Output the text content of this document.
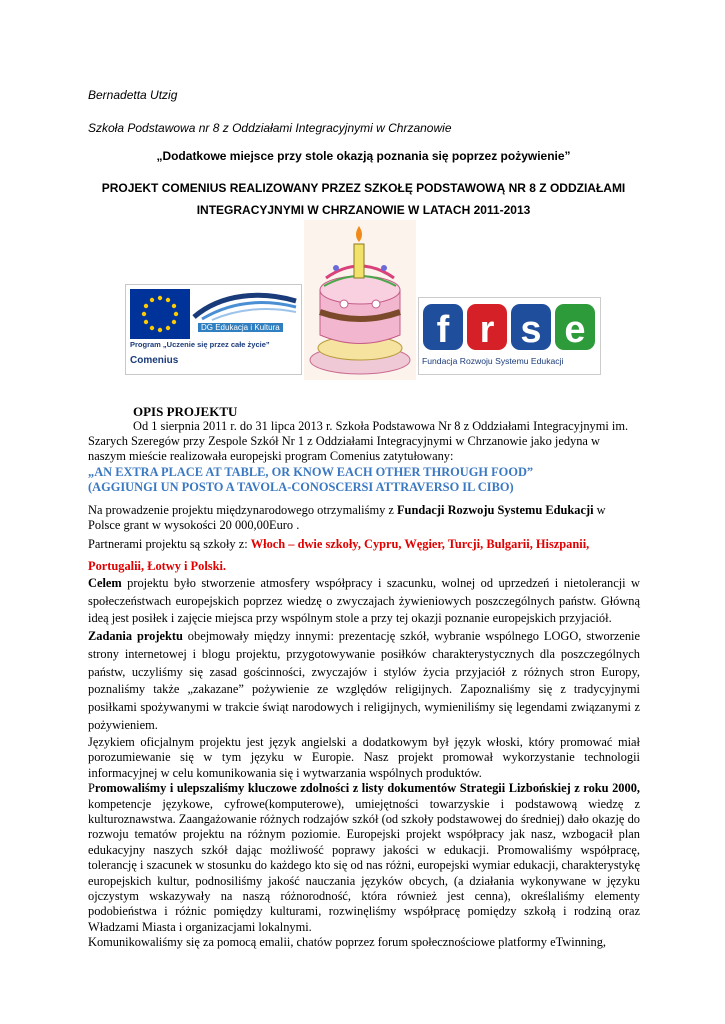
Bernadetta Utzig
Szkoła Podstawowa nr 8 z Oddziałami Integracyjnymi w Chrzanowie
„Dodatkowe miejsce przy stole okazją poznania się poprzez pożywienie”
PROJEKT COMENIUS REALIZOWANY PRZEZ SZKOŁĘ PODSTAWOWĄ NR 8 Z ODDZIAŁAMI INTEGRACYJNYMI W CHRZANOWIE W LATACH 2011-2013
DG Edukacja i Kultura
Program „Uczenie się przez całe życie”
Comenius
f r s e
Fundacja Rozwoju Systemu Edukacji
OPIS PROJEKTU

Od 1 sierpnia 2011 r. do 31 lipca 2013 r. Szkoła Podstawowa Nr 8 z Oddziałami Integracyjnymi im. Szarych Szeregów przy Zespole Szkół Nr 1 z Oddziałami Integracyjnymi w Chrzanowie jako jedyna w naszym mieście realizowała europejski program Comenius zatytułowany:

„AN EXTRA PLACE AT TABLE, OR KNOW EACH OTHER THROUGH FOOD”

(AGGIUNGI UN POSTO A TAVOLA-CONOSCERSI ATTRAVERSO IL CIBO)

Na prowadzenie projektu międzynarodowego otrzymaliśmy z Fundacji Rozwoju Systemu Edukacji w Polsce grant w wysokości 20 000,00Euro .

Partnerami projektu są szkoły z: Włoch – dwie szkoły, Cypru, Węgier, Turcji, Bulgarii, Hiszpanii, Portugalii, Łotwy i Polski.

Celem projektu było stworzenie atmosfery współpracy i szacunku, wolnej od uprzedzeń i nietolerancji w społeczeństwach europejskich poprzez wiedzę o zwyczajach żywieniowych poszczególnych państw. Główną ideą jest posiłek i zajęcie miejsca przy wspólnym stole a przy tej okazji poznanie europejskich przyjaciół.

Zadania projektu obejmowały między innymi: prezentację szkół, wybranie wspólnego LOGO, stworzenie strony internetowej i blogu projektu, przygotowywanie posiłków charakterystycznych dla poszczególnych państw, uczyliśmy się zasad gościnności, zwyczajów i stylów życia przyjaciół z różnych stron Europy, poznaliśmy także „zakazane” pożywienie ze względów religijnych. Zapoznaliśmy się z tradycyjnymi posiłkami spożywanymi w trakcie świąt narodowych i religijnych, wymieniliśmy się legendami związanymi z pożywieniem.

Językiem oficjalnym projektu jest język angielski a dodatkowym był język włoski, który promować miał porozumiewanie się w tym języku w Europie. Nasz projekt promował wykorzystanie technologii informacyjnej w celu komunikowania się i wytwarzania wspólnych produktów.

Promowaliśmy i ulepszaliśmy kluczowe zdolności z listy dokumentów Strategii Lizbońskiej z roku 2000, kompetencje językowe, cyfrowe(komputerowe), umiejętności towarzyskie i podstawową wiedzę z kulturoznawstwa. Zaangażowanie różnych rodzajów szkół (od szkoły podstawowej do średniej) dało okazję do rozwoju tematów projektu na różnym poziomie. Europejski projekt współpracy jak nasz, wzbogacił plan edukacyjny naszych szkół dając możliwość poprawy jakości w edukacji. Promowaliśmy współpracę, tolerancję i szacunek w stosunku do każdego kto się od nas różni, europejski wymiar edukacji, charakterystykę europejskich kultur, podnosiliśmy jakość nauczania języków obcych, (a działania wykonywane w języku ojczystym wskazywały na naszą różnorodność, która również jest cenna), określaliśmy elementy podobieństwa i różnic pomiędzy kulturami, rozwinęliśmy współpracę pomiędzy szkołą i rodziną oraz Władzami Miasta i organizacjami lokalnymi.

Komunikowaliśmy się za pomocą emalii, chatów poprzez forum społecznościowe platformy eTwinning,
